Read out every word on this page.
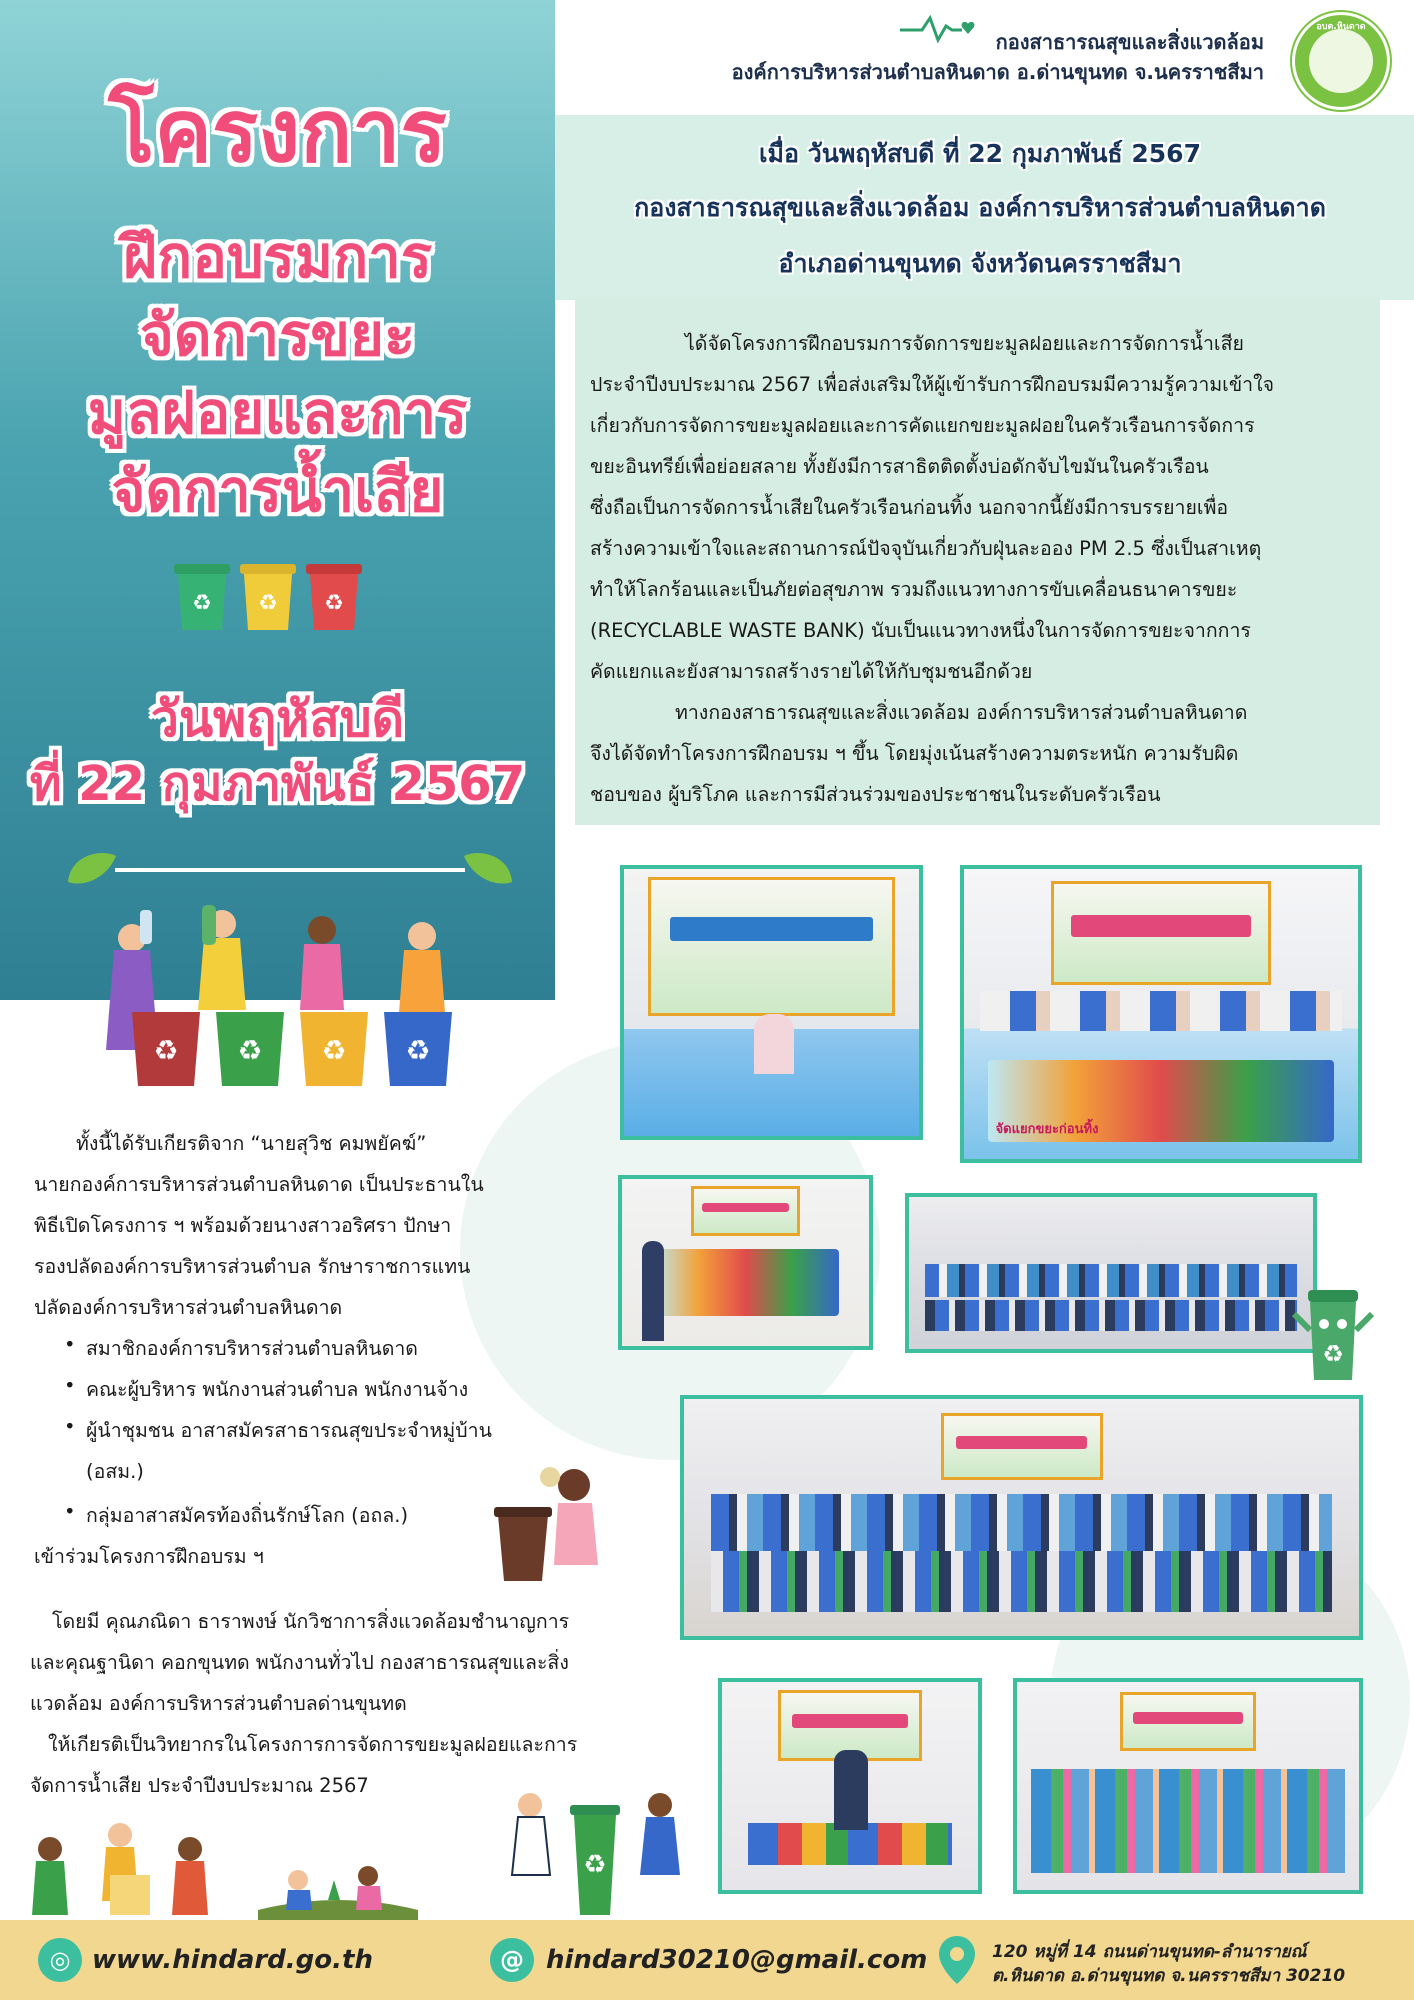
โครงการ
ฝึกอบรมการ
จัดการขยะ
มูลฝอยและการ
จัดการน้ำเสีย
♻ ♻ ♻
วันพฤหัสบดี
ที่ 22 กุมภาพันธ์ 2567
♻ ♻ ♻ ♻
กองสาธารณสุขและสิ่งแวดล้อม
องค์การบริหารส่วนตำบลหินดาด อ.ด่านขุนทด จ.นครราชสีมา
อบต.หินดาด
เมื่อ วันพฤหัสบดี ที่ 22 กุมภาพันธ์ 2567
กองสาธารณสุขและสิ่งแวดล้อม องค์การบริหารส่วนตำบลหินดาด
อำเภอด่านขุนทด จังหวัดนครราชสีมา
ได้จัดโครงการฝึกอบรมการจัดการขยะมูลฝอยและการจัดการน้ำเสีย
ประจำปีงบประมาณ 2567 เพื่อส่งเสริมให้ผู้เข้ารับการฝึกอบรมมีความรู้ความเข้าใจ
เกี่ยวกับการจัดการขยะมูลฝอยและการคัดแยกขยะมูลฝอยในครัวเรือนการจัดการ
ขยะอินทรีย์เพื่อย่อยสลาย ทั้งยังมีการสาธิตติดตั้งบ่อดักจับไขมันในครัวเรือน
ซึ่งถือเป็นการจัดการน้ำเสียในครัวเรือนก่อนทิ้ง นอกจากนี้ยังมีการบรรยายเพื่อ
สร้างความเข้าใจและสถานการณ์ปัจจุบันเกี่ยวกับฝุ่นละออง PM 2.5 ซึ่งเป็นสาเหตุ
ทำให้โลกร้อนและเป็นภัยต่อสุขภาพ รวมถึงแนวทางการขับเคลื่อนธนาคารขยะ
(RECYCLABLE WASTE BANK) นับเป็นแนวทางหนึ่งในการจัดการขยะจากการ
คัดแยกและยังสามารถสร้างรายได้ให้กับชุมชนอีกด้วย
ทางกองสาธารณสุขและสิ่งแวดล้อม องค์การบริหารส่วนตำบลหินดาด
จึงได้จัดทำโครงการฝึกอบรม ฯ ขึ้น โดยมุ่งเน้นสร้างความตระหนัก ความรับผิด
ชอบของ ผู้บริโภค และการมีส่วนร่วมของประชาชนในระดับครัวเรือน
จัดแยกขยะก่อนทิ้ง
♻
ทั้งนี้ได้รับเกียรติจาก “นายสุวิช คมพยัคฆ์”
นายกองค์การบริหารส่วนตำบลหินดาด เป็นประธานใน
พิธีเปิดโครงการ ฯ พร้อมด้วยนางสาวอริศรา ปักษา
รองปลัดองค์การบริหารส่วนตำบล รักษาราชการแทน
ปลัดองค์การบริหารส่วนตำบลหินดาด
• สมาชิกองค์การบริหารส่วนตำบลหินดาด
• คณะผู้บริหาร พนักงานส่วนตำบล พนักงานจ้าง
• ผู้นำชุมชน อาสาสมัครสาธารณสุขประจำหมู่บ้าน
(อสม.)
• กลุ่มอาสาสมัครท้องถิ่นรักษ์โลก (อถล.)
เข้าร่วมโครงการฝึกอบรม ฯ
โดยมี คุณภณิดา ธาราพงษ์ นักวิชาการสิ่งแวดล้อมชำนาญการ
และคุณฐานิดา คอกขุนทด พนักงานทั่วไป กองสาธารณสุขและสิ่ง
แวดล้อม องค์การบริหารส่วนตำบลด่านขุนทด
ให้เกียรติเป็นวิทยากรในโครงการการจัดการขยะมูลฝอยและการ
จัดการน้ำเสีย ประจำปีงบประมาณ 2567
♻
◎ www.hindard.go.th	@ hindard30210@gmail.com	120 หมู่ที่ 14 ถนนด่านขุนทด-ลำนารายณ์
ต.หินดาด อ.ด่านขุนทด จ.นครราชสีมา 30210
